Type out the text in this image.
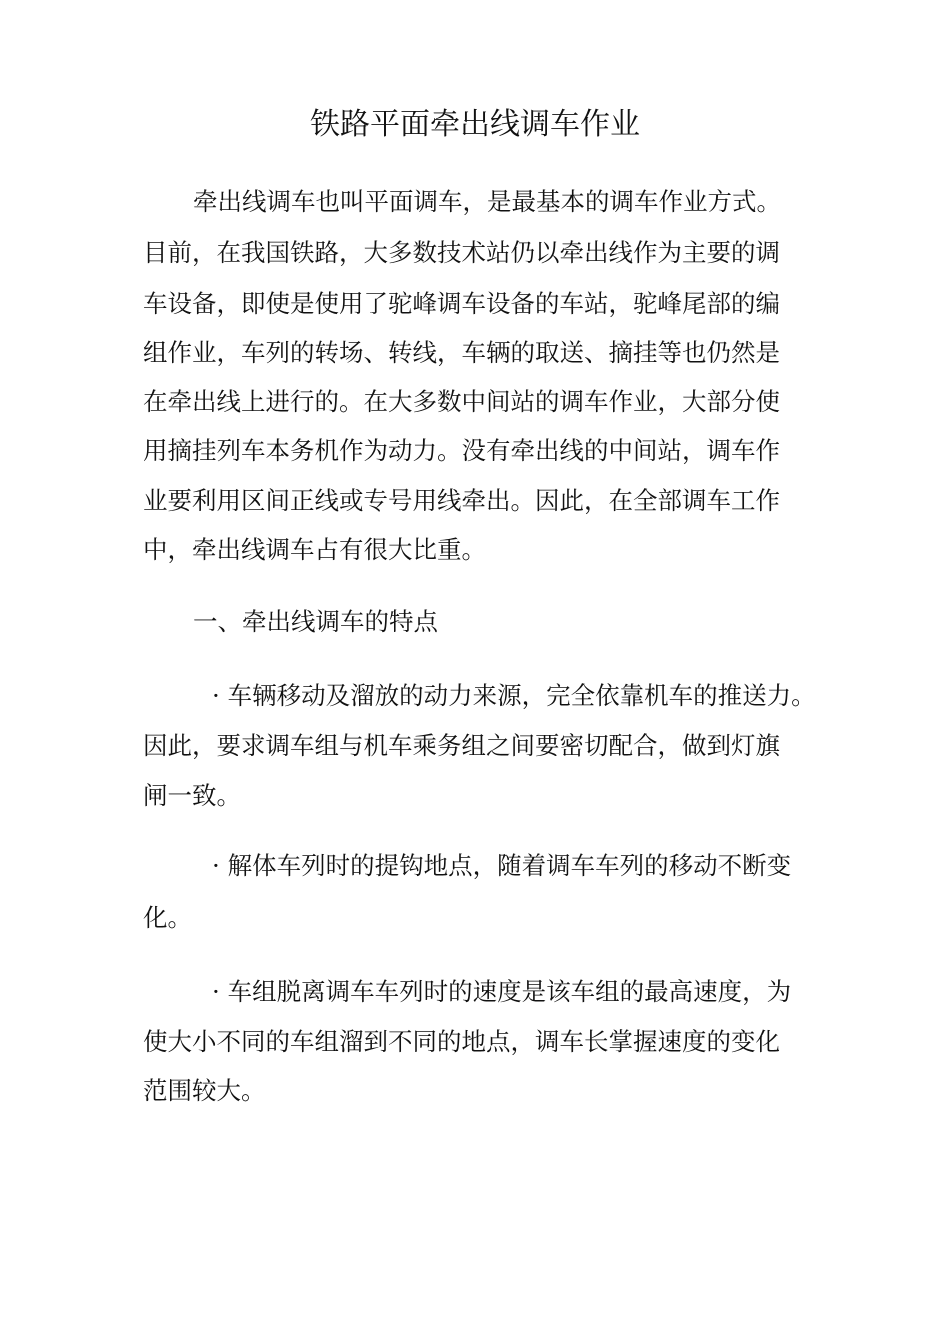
铁路平面牵出线调车作业
牵出线调车也叫平面调车，是最基本的调车作业方式。
目前，在我国铁路，大多数技术站仍以牵出线作为主要的调
车设备，即使是使用了驼峰调车设备的车站，驼峰尾部的编
组作业，车列的转场、转线，车辆的取送、摘挂等也仍然是
在牵出线上进行的。在大多数中间站的调车作业，大部分使
用摘挂列车本务机作为动力。没有牵出线的中间站，调车作
业要利用区间正线或专号用线牵出。因此，在全部调车工作
中，牵出线调车占有很大比重。
一、牵出线调车的特点
· 车辆移动及溜放的动力来源，完全依靠机车的推送力。
因此，要求调车组与机车乘务组之间要密切配合，做到灯旗
闸一致。
· 解体车列时的提钩地点，随着调车车列的移动不断变
化。
· 车组脱离调车车列时的速度是该车组的最高速度，为
使大小不同的车组溜到不同的地点，调车长掌握速度的变化
范围较大。
